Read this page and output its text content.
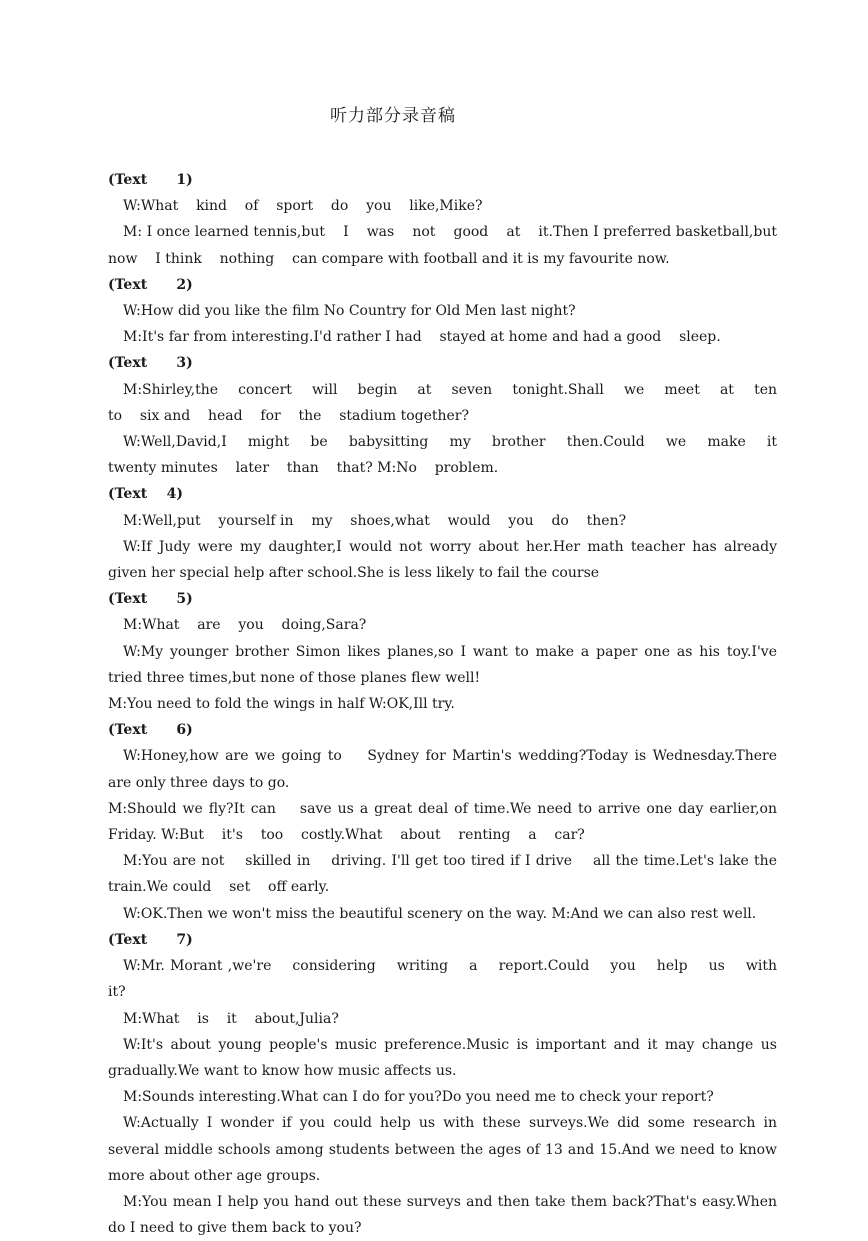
听力部分录音稿

(Text      1)

W:What    kind    of    sport    do    you    like,Mike?

M: I once learned tennis,but    I    was    not    good    at    it.Then I preferred basketball,but    now    I think    nothing    can compare with football and it is my favourite now.

(Text      2)

W:How did you like the film No Country for Old Men last night?

M:It's far from interesting.I'd rather I had    stayed at home and had a good    sleep.

(Text      3)

M:Shirley,the    concert    will    begin    at    seven    tonight.Shall    we    meet    at    ten    to    six and    head    for    the    stadium together?

W:Well,David,I    might    be    babysitting    my    brother    then.Could    we    make    it    twenty minutes    later    than    that? M:No    problem.

(Text    4)

M:Well,put    yourself in    my    shoes,what    would    you    do    then?

W:If Judy were my daughter,I would not worry about her.Her math teacher has already given her special help after school.She is less likely to fail the course

(Text      5)

M:What    are    you    doing,Sara?

W:My younger brother Simon likes planes,so I want to make a paper one as his toy.I've tried three times,but none of those planes flew well!

M:You need to fold the wings in half W:OK,Ill try.

(Text      6)

W:Honey,how are we going to    Sydney for Martin's wedding?Today is Wednesday.There are only three days to go.

M:Should we fly?It can    save us a great deal of time.We need to arrive one day earlier,on Friday. W:But    it's    too    costly.What    about    renting    a    car?

M:You are not    skilled in    driving. I'll get too tired if I drive    all the time.Let's lake the train.We could    set    off early.

W:OK.Then we won't miss the beautiful scenery on the way. M:And we can also rest well.

(Text      7)

W:Mr. Morant ,we're    considering    writing    a    report.Could    you    help    us    with    it?

M:What    is    it    about,Julia?

W:It's about young people's music preference.Music is important and it may change us gradually.We want to know how music affects us.

M:Sounds interesting.What can I do for you?Do you need me to check your report?

W:Actually I wonder if you could help us with these surveys.We did some research in several middle schools among students between the ages of 13 and 15.And we need to know more about other age groups.

M:You mean I help you hand out these surveys and then take them back?That's easy.When do I need to give them back to you?
